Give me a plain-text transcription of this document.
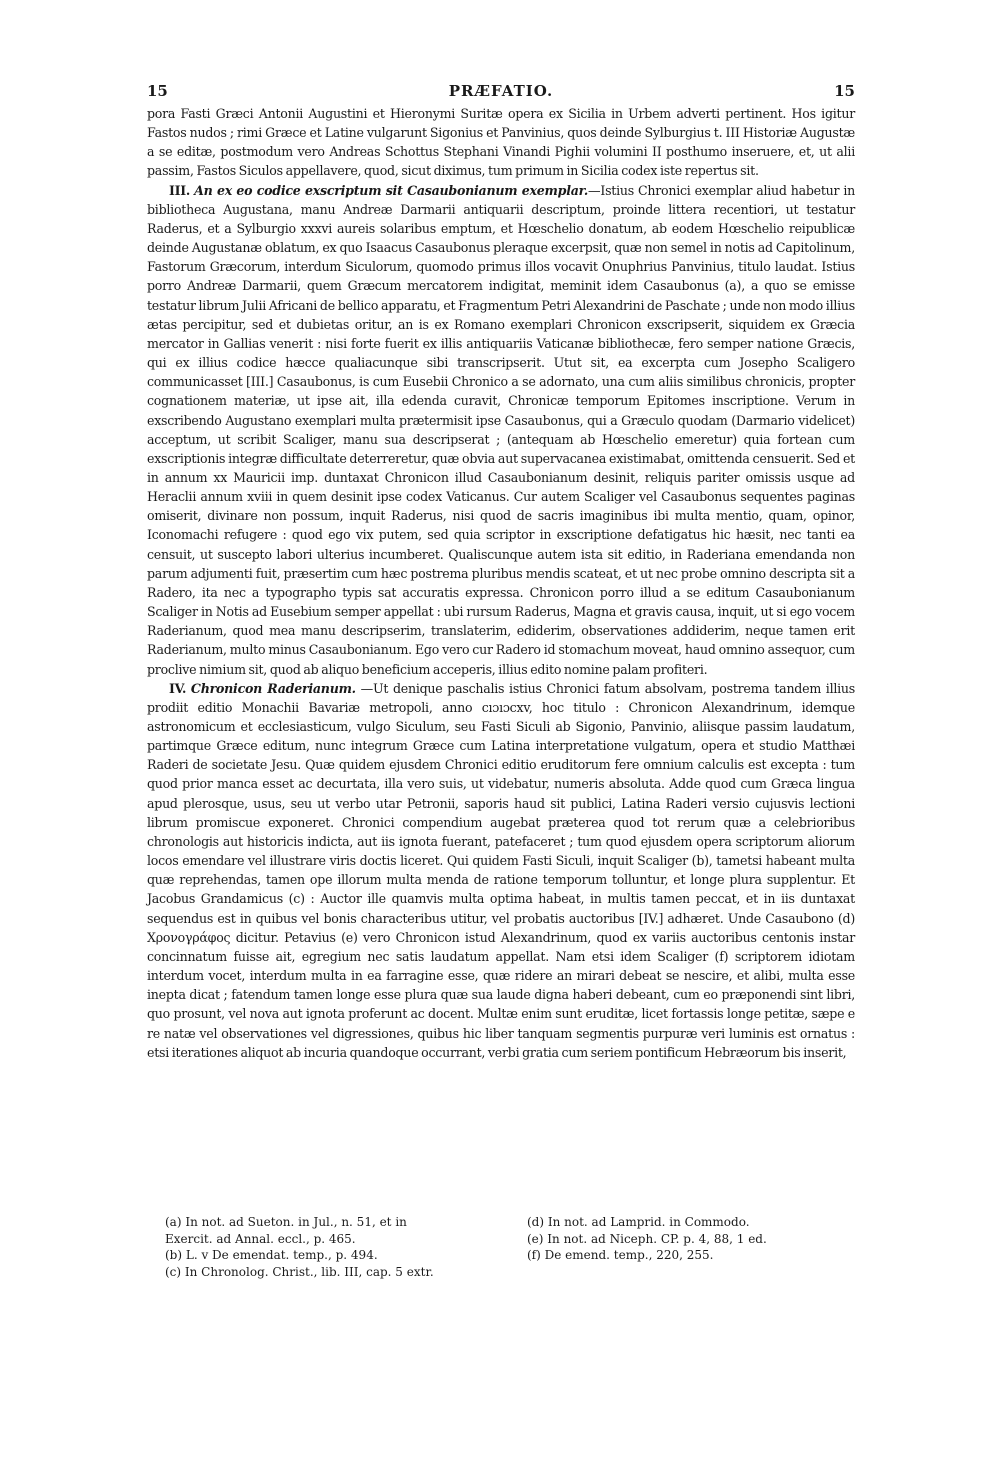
15	PRÆFATIO.	15

pora Fasti Græci Antonii Augustini et Hieronymi Suritæ opera ex Sicilia in Urbem adverti pertinent. Hos igitur Fastos nudos ; rimi Græce et Latine vulgarunt Sigonius et Panvinius, quos deinde Sylburgius t. III Historiæ Augustæ a se editæ, postmodum vero Andreas Schottus Stephani Vinandi Pighii volumini II posthumo inseruere, et, ut alii passim, Fastos Siculos appellavere, quod, sicut diximus, tum primum in Sicilia codex iste repertus sit.

III. An ex eo codice exscriptum sit Casaubonianum exemplar.—Istius Chronici exemplar aliud habetur in bibliotheca Augustana, manu Andreæ Darmarii antiquarii descriptum, proinde littera recentiori, ut testatur Raderus, et a Sylburgio xxxvi aureis solaribus emptum, et Hœschelio donatum, ab eodem Hœschelio reipublicæ deinde Augustanæ oblatum, ex quo Isaacus Casaubonus pleraque excerpsit, quæ non semel in notis ad Capitolinum, Fastorum Græcorum, interdum Siculorum, quomodo primus illos vocavit Onuphrius Panvinius, titulo laudat. Istius porro Andreæ Darmarii, quem Græcum mercatorem indigitat, meminit idem Casaubonus (a), a quo se emisse testatur librum Julii Africani de bellico apparatu, et Fragmentum Petri Alexandrini de Paschate ; unde non modo illius ætas percipitur, sed et dubietas oritur, an is ex Romano exemplari Chronicon exscripserit, siquidem ex Græcia mercator in Gallias venerit : nisi forte fuerit ex illis antiquariis Vaticanæ bibliothecæ, fero semper natione Græcis, qui ex illius codice hæcce qualiacunque sibi transcripserit. Utut sit, ea excerpta cum Josepho Scaligero communicasset [III.] Casaubonus, is cum Eusebii Chronico a se adornato, una cum aliis similibus chronicis, propter cognationem materiæ, ut ipse ait, illa edenda curavit, Chronicæ temporum Epitomes inscriptione. Verum in exscribendo Augustano exemplari multa prætermisit ipse Casaubonus, qui a Græculo quodam (Darmario videlicet) acceptum, ut scribit Scaliger, manu sua descripserat ; (antequam ab Hœschelio emeretur) quia fortean cum exscriptionis integræ difficultate deterreretur, quæ obvia aut supervacanea existimabat, omittenda censuerit. Sed et in annum xx Mauricii imp. duntaxat Chronicon illud Casaubonianum desinit, reliquis pariter omissis usque ad Heraclii annum xviii in quem desinit ipse codex Vaticanus. Cur autem Scaliger vel Casaubonus sequentes paginas omiserit, divinare non possum, inquit Raderus, nisi quod de sacris imaginibus ibi multa mentio, quam, opinor, Iconomachi refugere : quod ego vix putem, sed quia scriptor in exscriptione defatigatus hic hæsit, nec tanti ea censuit, ut suscepto labori ulterius incumberet. Qualiscunque autem ista sit editio, in Raderiana emendanda non parum adjumenti fuit, præsertim cum hæc postrema pluribus mendis scateat, et ut nec probe omnino descripta sit a Radero, ita nec a typographo typis sat accuratis expressa. Chronicon porro illud a se editum Casaubonianum Scaliger in Notis ad Eusebium semper appellat : ubi rursum Raderus, Magna et gravis causa, inquit, ut si ego vocem Raderianum, quod mea manu descripserim, translaterim, ediderim, observationes addiderim, neque tamen erit Raderianum, multo minus Casaubonianum. Ego vero cur Radero id stomachum moveat, haud omnino assequor, cum proclive nimium sit, quod ab aliquo beneficium acceperis, illius edito nomine palam profiteri.

IV. Chronicon Raderianum. —Ut denique paschalis istius Chronici fatum absolvam, postrema tandem illius prodiit editio Monachii Bavariæ metropoli, anno cıɔıɔcxv, hoc titulo : Chronicon Alexandrinum, idemque astronomicum et ecclesiasticum, vulgo Siculum, seu Fasti Siculi ab Sigonio, Panvinio, aliisque passim laudatum, partimque Græce editum, nunc integrum Græce cum Latina interpretatione vulgatum, opera et studio Matthæi Raderi de societate Jesu. Quæ quidem ejusdem Chronici editio eruditorum fere omnium calculis est excepta : tum quod prior manca esset ac decurtata, illa vero suis, ut videbatur, numeris absoluta. Adde quod cum Græca lingua apud plerosque, usus, seu ut verbo utar Petronii, saporis haud sit publici, Latina Raderi versio cujusvis lectioni librum promiscue exponeret. Chronici compendium augebat præterea quod tot rerum quæ a celebrioribus chronologis aut historicis indicta, aut iis ignota fuerant, patefaceret ; tum quod ejusdem opera scriptorum aliorum locos emendare vel illustrare viris doctis liceret. Qui quidem Fasti Siculi, inquit Scaliger (b), tametsi habeant multa quæ reprehendas, tamen ope illorum multa menda de ratione temporum tolluntur, et longe plura supplentur. Et Jacobus Grandamicus (c) : Auctor ille quamvis multa optima habeat, in multis tamen peccat, et in iis duntaxat sequendus est in quibus vel bonis characteribus utitur, vel probatis auctoribus [IV.] adhæret. Unde Casaubono (d) Χρονογράφος dicitur. Petavius (e) vero Chronicon istud Alexandrinum, quod ex variis auctoribus centonis instar concinnatum fuisse ait, egregium nec satis laudatum appellat. Nam etsi idem Scaliger (f) scriptorem idiotam interdum vocet, interdum multa in ea farragine esse, quæ ridere an mirari debeat se nescire, et alibi, multa esse inepta dicat ; fatendum tamen longe esse plura quæ sua laude digna haberi debeant, cum eo præponendi sint libri, quo prosunt, vel nova aut ignota proferunt ac docent. Multæ enim sunt eruditæ, licet fortassis longe petitæ, sæpe e re natæ vel observationes vel digressiones, quibus hic liber tanquam segmentis purpuræ veri luminis est ornatus : etsi iterationes aliquot ab incuria quandoque occurrant, verbi gratia cum seriem pontificum Hebræorum bis inserit,

(a) In not. ad Sueton. in Jul., n. 51, et in
Exercit. ad Annal. eccl., p. 465.
(b) L. v De emendat. temp., p. 494.
(c) In Chronolog. Christ., lib. III, cap. 5 extr.
(d) In not. ad Lamprid. in Commodo.
(e) In not. ad Niceph. CP. p. 4, 88, 1 ed.
(f) De emend. temp., 220, 255.
